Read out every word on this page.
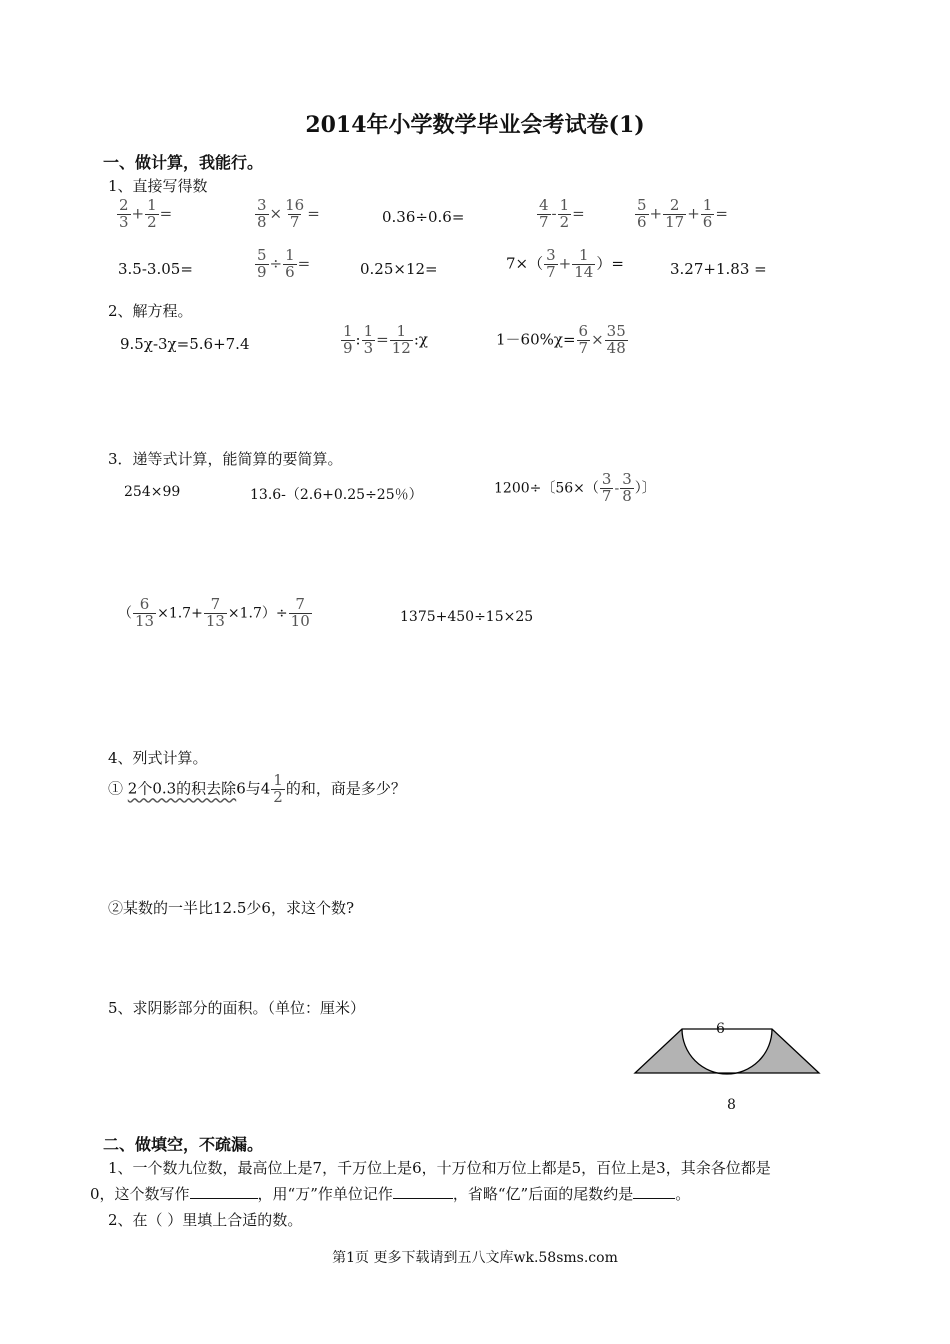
2014年小学数学毕业会考试卷(1)
一、做计算，我能行。
1、直接写得数
$\frac{2}{3} + \frac{1}{2}$ =	$\frac{3}{8} \times \frac{16}{7}$ =	0.36÷0.6=	$\frac{4}{7} - \frac{1}{2}$ =	$\frac{5}{6} + \frac{2}{17} + \frac{1}{6}$ =
3.5-3.05=	$\frac{5}{9} \div \frac{1}{6}$ =	0.25×12=	$7\times( \frac{3}{7} + \frac{1}{14}$ ）=	3.27+1.83 =
2、解方程。
9.5χ-3χ=5.6+7.4	$\frac{1}{9}$ : $\frac{1}{3} = \frac{1}{12}$ :χ	$1-60\%\chi= \frac{6}{7} \times \frac{35}{48}$
3．递等式计算，能简算的要简算。
254×99	13.6-（2.6+0.25÷25％）	1200÷〔$56\times( \frac{3}{7} - \frac{3}{8}$ ）〕
（ $\frac{6}{13} \times 1.7+ \frac{7}{13} \times 1.7)\div \frac{7}{10}$	1375+450÷15×25
4、列式计算。
① 2个0.3的积去除6与$4 \frac{1}{2}$ 的和，商是多少？
②某数的一半比12.5少6，求这个数?
5、求阴影部分的面积。（单位：厘米）
6
8
二、做填空，不疏漏。
1、一个数九位数，最高位上是7，千万位上是6，十万位和万位上都是5，百位上是3，其余各位都是
0，这个数写作	，用“万”作单位记作	，省略“亿”后面的尾数约是	。
2、在（ ）里填上合适的数。
第1页 更多下载请到五八文库wk.58sms.com
